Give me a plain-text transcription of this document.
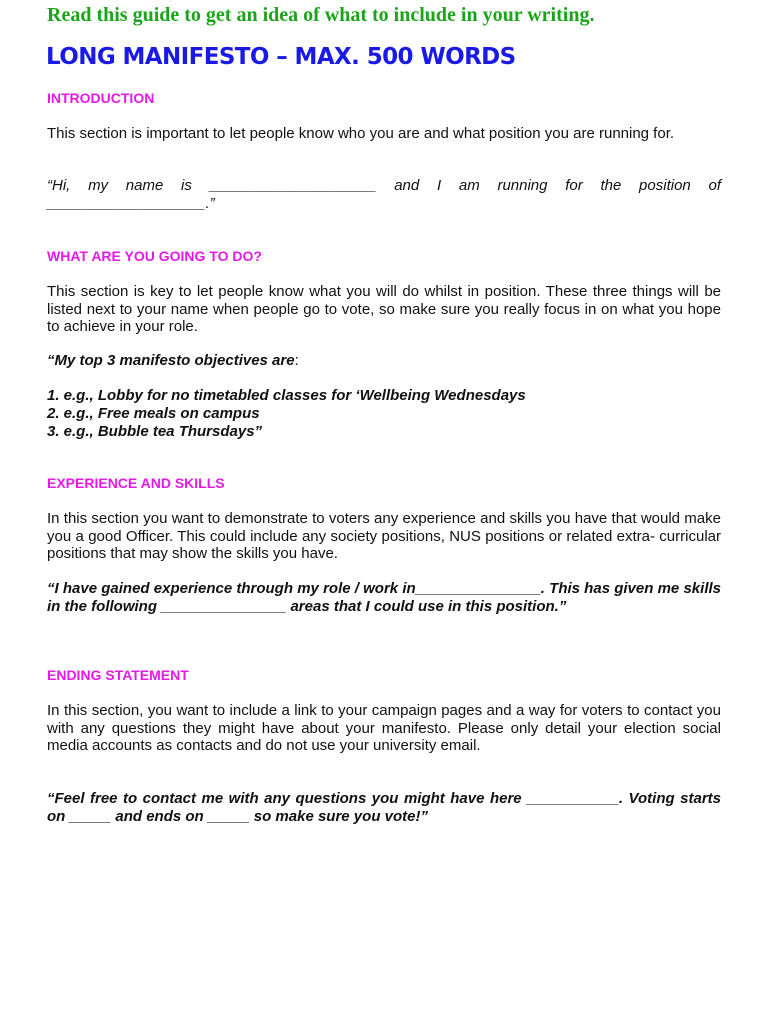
Read this guide to get an idea of what to include in your writing.

LONG MANIFESTO – MAX. 500 WORDS
INTRODUCTION

This section is important to let people know who you are and what position you are running for.

“Hi, my name is ____________________ and I am running for the position of ___________________.”

WHAT ARE YOU GOING TO DO?

This section is key to let people know what you will do whilst in position. These three things will be listed next to your name when people go to vote, so make sure you really focus in on what you hope to achieve in your role.

“My top 3 manifesto objectives are:

1. e.g., Lobby for no timetabled classes for ‘Wellbeing Wednesdays
2. e.g., Free meals on campus
3. e.g., Bubble tea Thursdays”
EXPERIENCE AND SKILLS

In this section you want to demonstrate to voters any experience and skills you have that would make you a good Officer. This could include any society positions, NUS positions or related extra- curricular positions that may show the skills you have.

“I have gained experience through my role / work in_______________. This has given me skills in the following _______________ areas that I could use in this position.”

ENDING STATEMENT

In this section, you want to include a link to your campaign pages and a way for voters to contact you with any questions they might have about your manifesto. Please only detail your election social media accounts as contacts and do not use your university email.

“Feel free to contact me with any questions you might have here ___________. Voting starts on _____ and ends on _____ so make sure you vote!”
